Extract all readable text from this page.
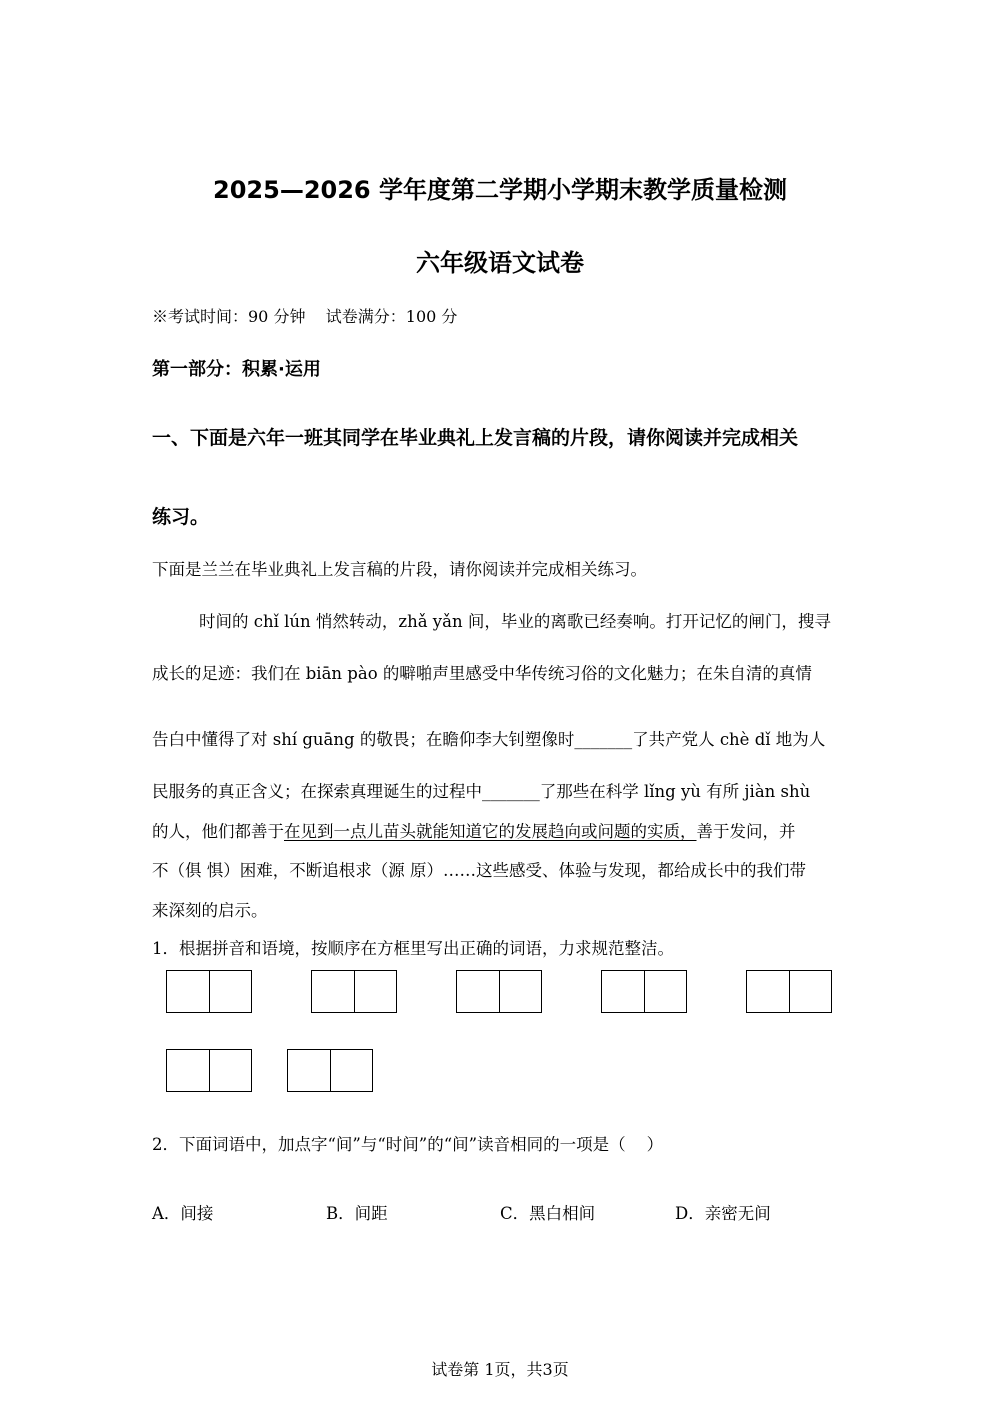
2025—2026 学年度第二学期小学期末教学质量检测
六年级语文试卷
※考试时间：90 分钟    试卷满分：100 分
第一部分：积累·运用
一、下面是六年一班其同学在毕业典礼上发言稿的片段，请你阅读并完成相关
练习。
下面是兰兰在毕业典礼上发言稿的片段，请你阅读并完成相关练习。
时间的 chǐ lún 悄然转动，zhǎ yǎn 间，毕业的离歌已经奏响。打开记忆的闸门，搜寻
成长的足迹：我们在 biān pào 的噼啪声里感受中华传统习俗的文化魅力；在朱自清的真情
告白中懂得了对 shí guāng 的敬畏；在瞻仰李大钊塑像时_______了共产党人 chè dǐ 地为人
民服务的真正含义；在探索真理诞生的过程中_______了那些在科学 lǐng yù 有所 jiàn shù
的人，他们都善于在见到一点儿苗头就能知道它的发展趋向或问题的实质，善于发问，并
不（俱 惧）困难，不断追根求（源 原）……这些感受、体验与发现，都给成长中的我们带
来深刻的启示。
1．根据拼音和语境，按顺序在方框里写出正确的词语，力求规范整洁。
2．下面词语中，加点字“间”与“时间”的“间”读音相同的一项是（    ）
A．间接	B．间距	C．黑白相间	D．亲密无间
试卷第 1页，共3页
